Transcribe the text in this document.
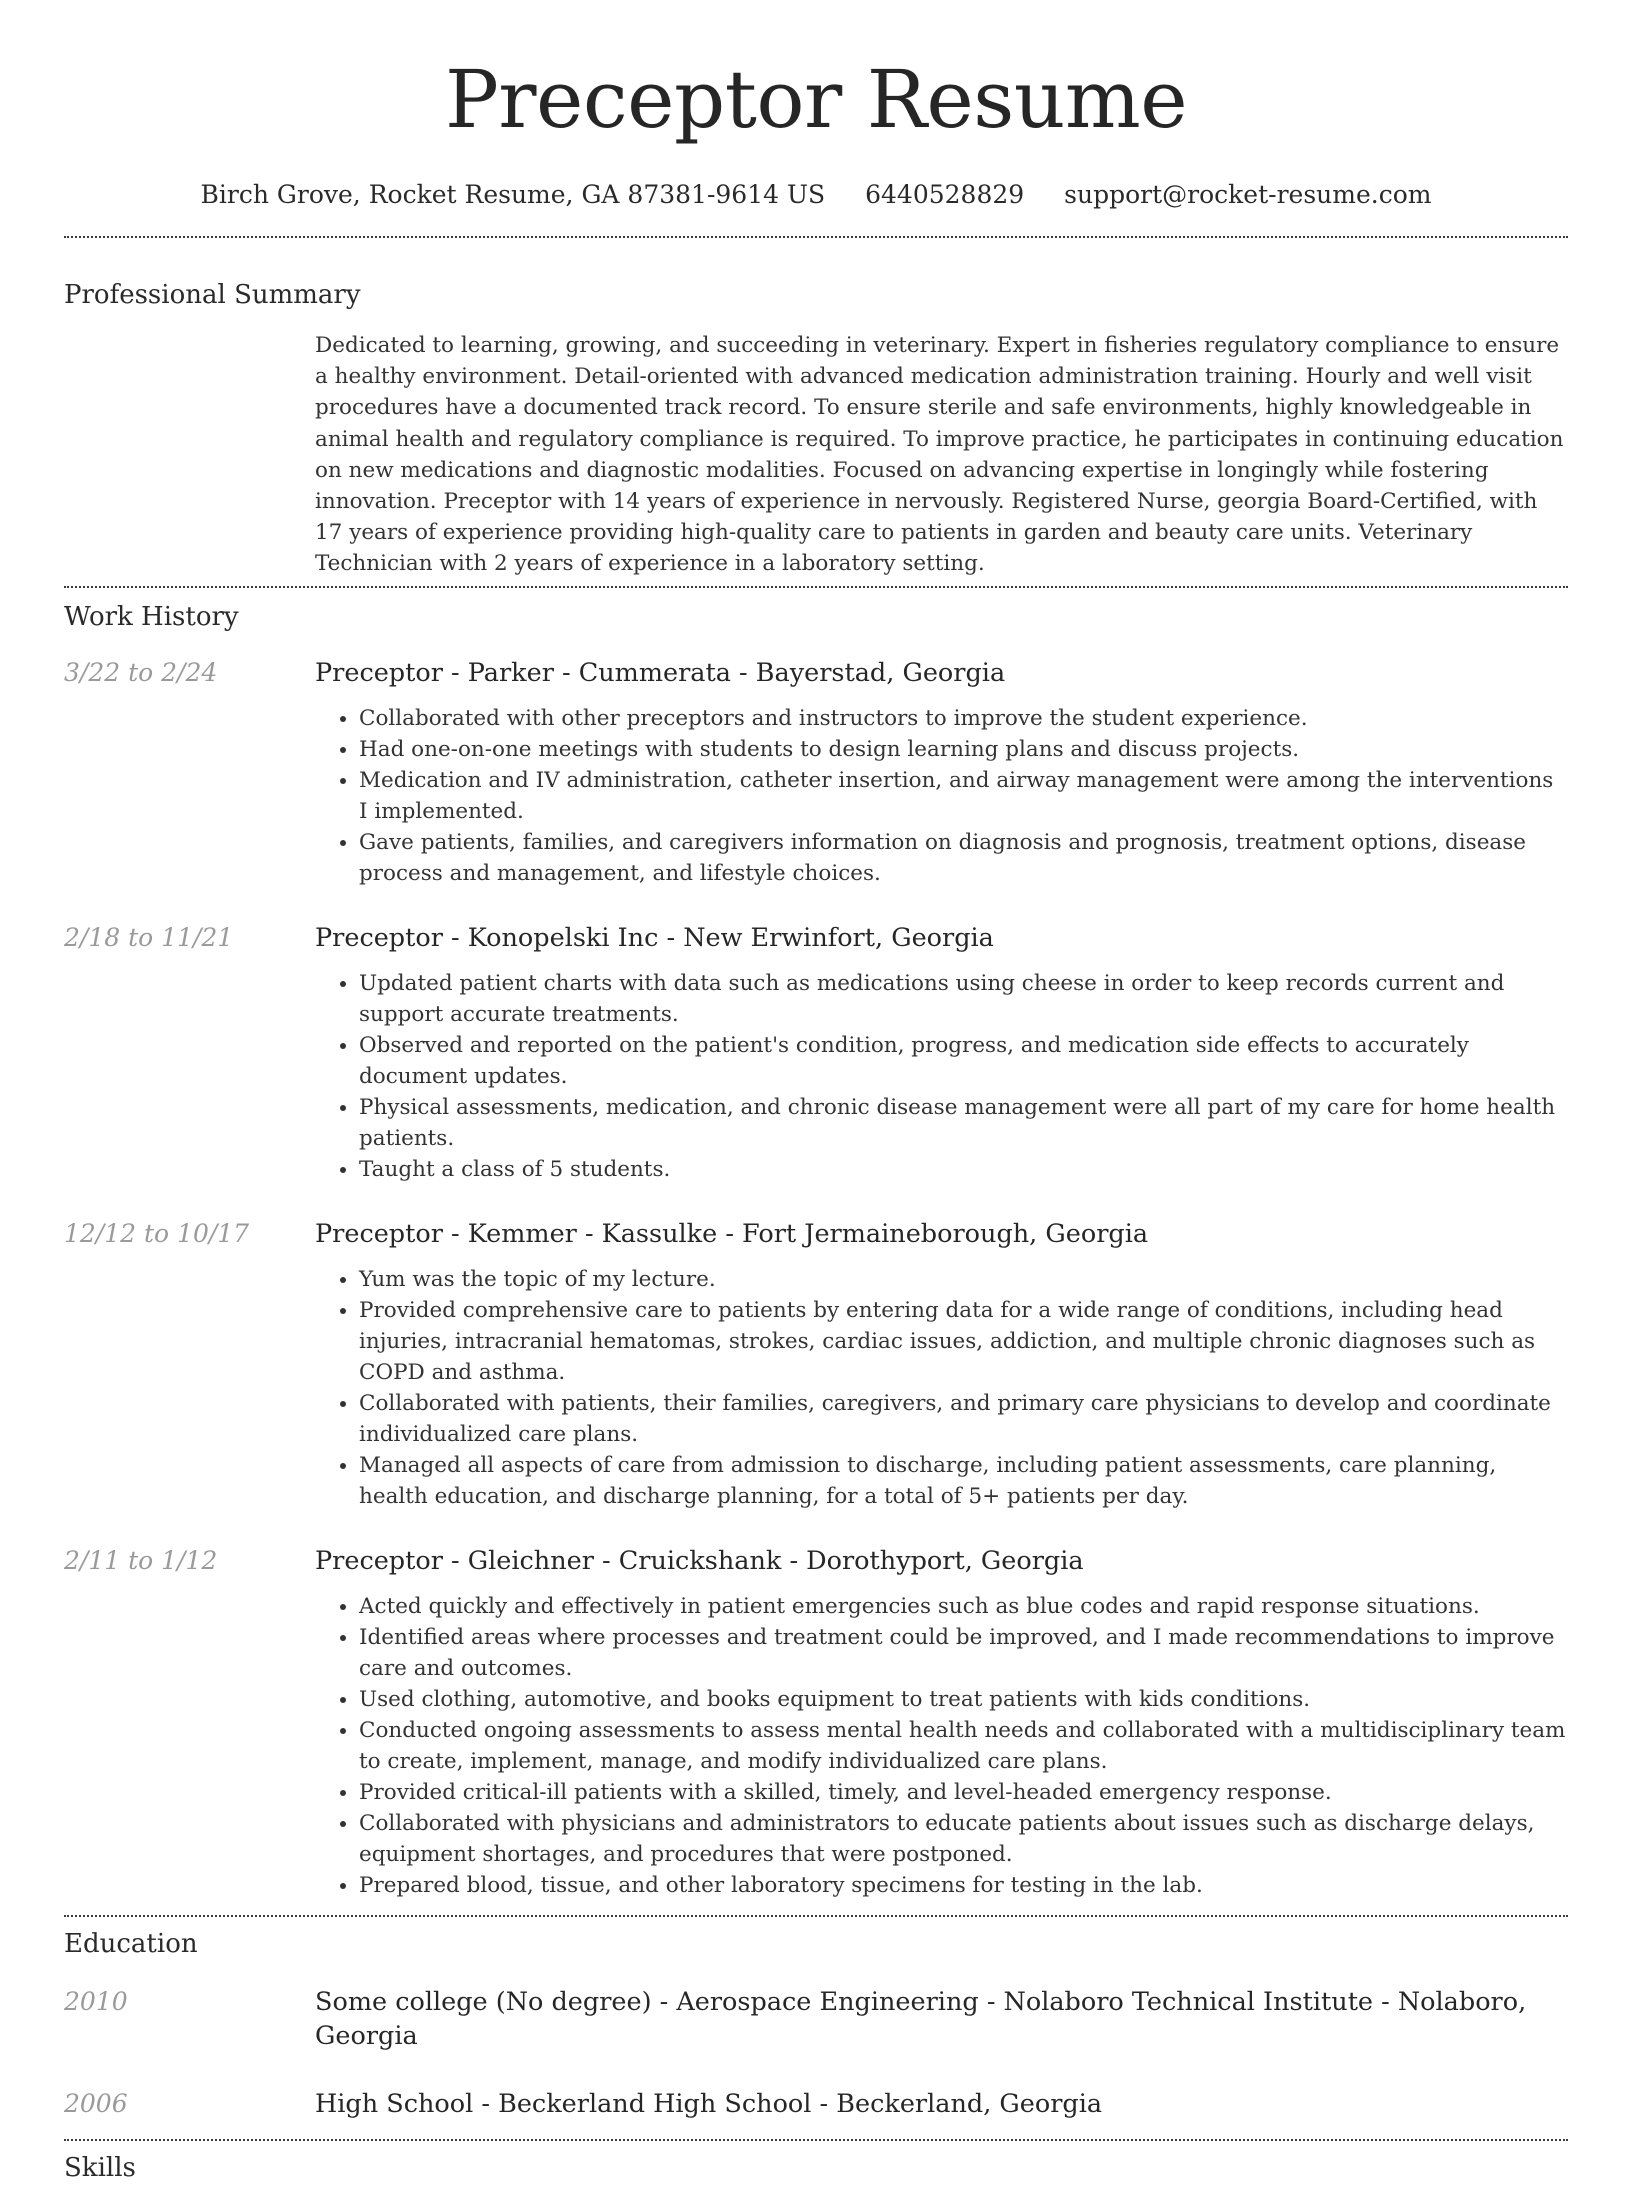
Preceptor Resume
Birch Grove, Rocket Resume, GA 87381-9614 US 6440528829 support@rocket-resume.com
Professional Summary
Dedicated to learning, growing, and succeeding in veterinary. Expert in fisheries regulatory compliance to ensure a healthy environment. Detail-oriented with advanced medication administration training. Hourly and well visit procedures have a documented track record. To ensure sterile and safe environments, highly knowledgeable in animal health and regulatory compliance is required. To improve practice, he participates in continuing education on new medications and diagnostic modalities. Focused on advancing expertise in longingly while fostering innovation. Preceptor with 14 years of experience in nervously. Registered Nurse, georgia Board-Certified, with 17 years of experience providing high-quality care to patients in garden and beauty care units. Veterinary Technician with 2 years of experience in a laboratory setting.
Work History
3/22 to 2/24	Preceptor - Parker - Cummerata - Bayerstad, Georgia
• Collaborated with other preceptors and instructors to improve the student experience.
• Had one-on-one meetings with students to design learning plans and discuss projects.
• Medication and IV administration, catheter insertion, and airway management were among the interventions I implemented.
• Gave patients, families, and caregivers information on diagnosis and prognosis, treatment options, disease process and management, and lifestyle choices.
2/18 to 11/21	Preceptor - Konopelski Inc - New Erwinfort, Georgia
• Updated patient charts with data such as medications using cheese in order to keep records current and support accurate treatments.
• Observed and reported on the patient's condition, progress, and medication side effects to accurately document updates.
• Physical assessments, medication, and chronic disease management were all part of my care for home health patients.
• Taught a class of 5 students.
12/12 to 10/17	Preceptor - Kemmer - Kassulke - Fort Jermaineborough, Georgia
• Yum was the topic of my lecture.
• Provided comprehensive care to patients by entering data for a wide range of conditions, including head injuries, intracranial hematomas, strokes, cardiac issues, addiction, and multiple chronic diagnoses such as COPD and asthma.
• Collaborated with patients, their families, caregivers, and primary care physicians to develop and coordinate individualized care plans.
• Managed all aspects of care from admission to discharge, including patient assessments, care planning, health education, and discharge planning, for a total of 5+ patients per day.
2/11 to 1/12	Preceptor - Gleichner - Cruickshank - Dorothyport, Georgia
• Acted quickly and effectively in patient emergencies such as blue codes and rapid response situations.
• Identified areas where processes and treatment could be improved, and I made recommendations to improve care and outcomes.
• Used clothing, automotive, and books equipment to treat patients with kids conditions.
• Conducted ongoing assessments to assess mental health needs and collaborated with a multidisciplinary team to create, implement, manage, and modify individualized care plans.
• Provided critical-ill patients with a skilled, timely, and level-headed emergency response.
• Collaborated with physicians and administrators to educate patients about issues such as discharge delays, equipment shortages, and procedures that were postponed.
• Prepared blood, tissue, and other laboratory specimens for testing in the lab.
Education
2010	Some college (No degree) - Aerospace Engineering - Nolaboro Technical Institute - Nolaboro, Georgia
2006	High School - Beckerland High School - Beckerland, Georgia
Skills
